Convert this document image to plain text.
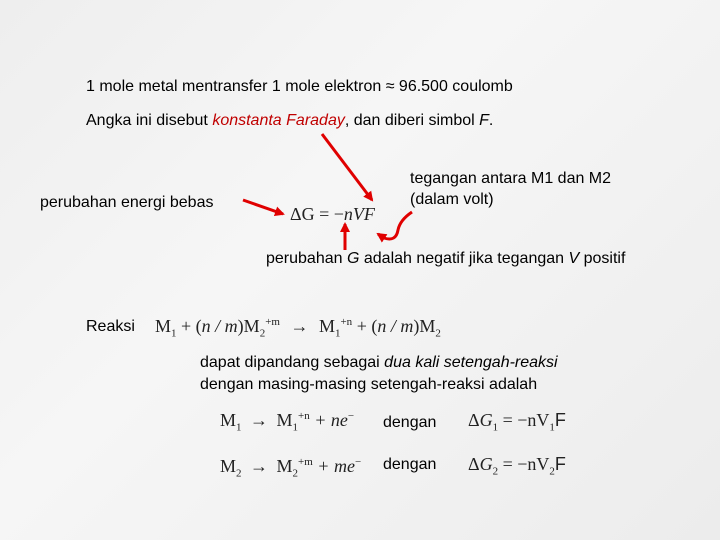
1 mole metal mentransfer 1 mole elektron ≈ 96.500 coulomb
Angka ini disebut konstanta Faraday, dan diberi simbol F.
perubahan energi bebas
ΔG = −nVF
tegangan antara M1 dan M2
(dalam volt)
perubahan G adalah negatif jika tegangan V positif
Reaksi $M_1 + (n / m)M_2^{+m} \to M_1^{+n} + (n / m)M_2$
dapat dipandang sebagai dua kali setengah-reaksi
dengan masing-masing setengah-reaksi adalah
$M_1 \to M_1^{+n} + ne^-$ dengan $\Delta G_1 = -nV_1F$
$M_2 \to M_2^{+m} + me^-$ dengan $\Delta G_2 = -nV_2F$
